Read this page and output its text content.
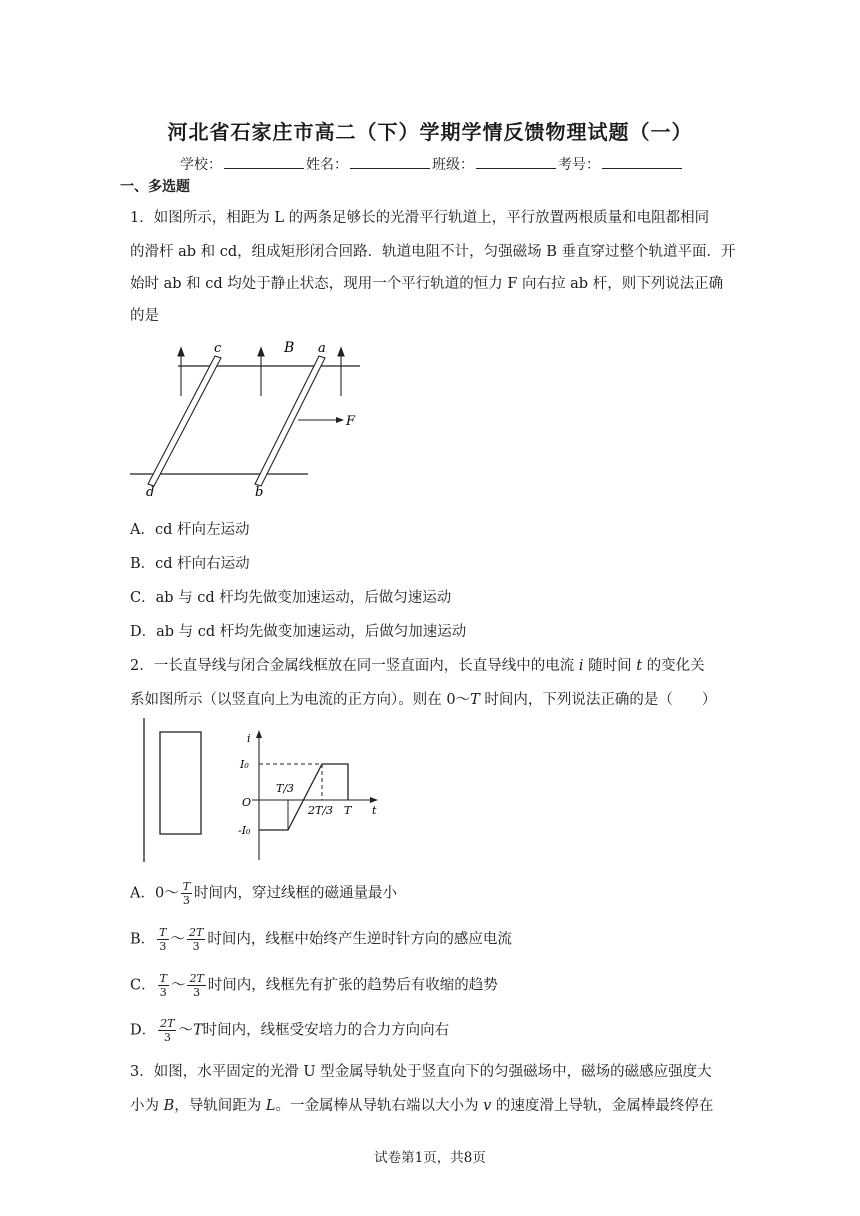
河北省石家庄市高二（下）学期学情反馈物理试题（一）
学校：	姓名：	班级：	考号：
一、多选题
1．如图所示，相距为 L 的两条足够长的光滑平行轨道上，平行放置两根质量和电阻都相同
的滑杆 ab 和 cd，组成矩形闭合回路．轨道电阻不计，匀强磁场 B 垂直穿过整个轨道平面．开
始时 ab 和 cd 均处于静止状态，现用一个平行轨道的恒力 F 向右拉 ab 杆，则下列说法正确
的是
c	B a
F
d	b
A．cd 杆向左运动
B．cd 杆向右运动
C．ab 与 cd 杆均先做变加速运动，后做匀速运动
D．ab 与 cd 杆均先做变加速运动，后做匀加速运动
2．一长直导线与闭合金属线框放在同一竖直面内，长直导线中的电流 i 随时间 t 的变化关
系如图所示（以竖直向上为电流的正方向）。则在 0～T 时间内，下列说法正确的是（　　）
i
I₀
O
-I₀
T/3
2T/3 T t
A．0～ $\frac{T}{3}$ 时间内，穿过线框的磁通量最小
B． $\frac{T}{3}$ ～ $\frac{2T}{3}$ 时间内，线框中始终产生逆时针方向的感应电流
C． $\frac{T}{3}$ ～ $\frac{2T}{3}$ 时间内，线框先有扩张的趋势后有收缩的趋势
D． $\frac{2T}{3}$ ～T时间内，线框受安培力的合力方向向右
3．如图，水平固定的光滑 U 型金属导轨处于竖直向下的匀强磁场中，磁场的磁感应强度大
小为 B，导轨间距为 L。一金属棒从导轨右端以大小为 v 的速度滑上导轨，金属棒最终停在
试卷第1页，共8页
